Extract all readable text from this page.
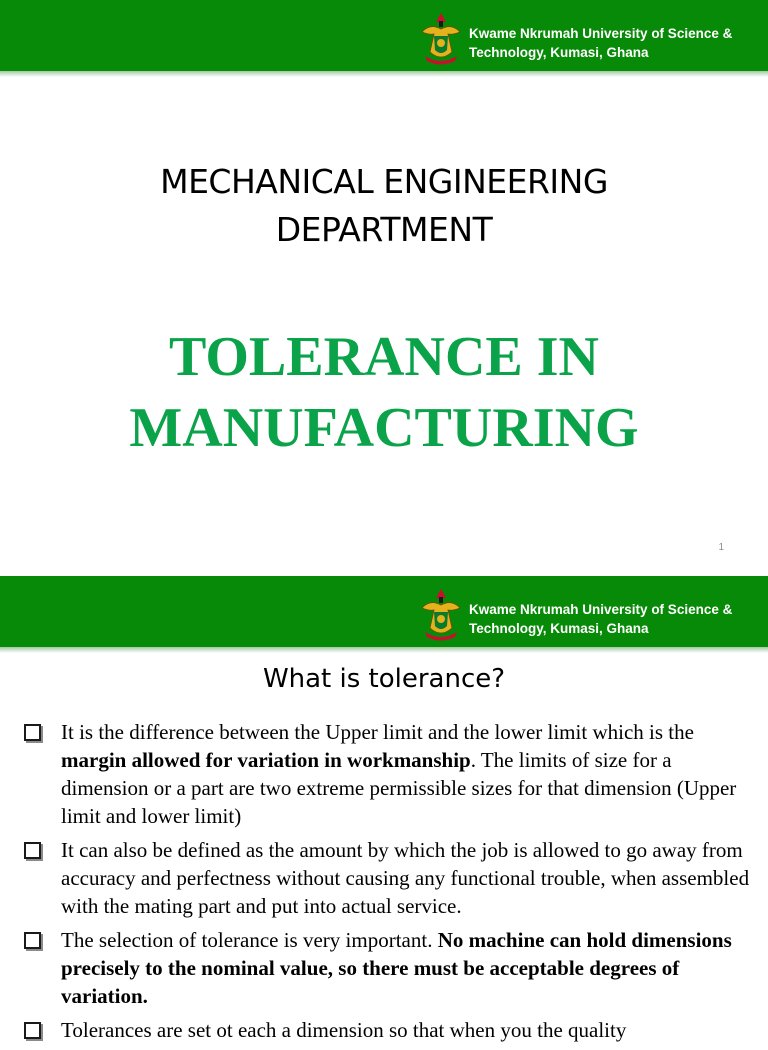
Kwame Nkrumah University of Science & Technology, Kumasi, Ghana
MECHANICAL ENGINEERING
DEPARTMENT
TOLERANCE IN
MANUFACTURING
1
Kwame Nkrumah University of Science & Technology, Kumasi, Ghana
What is tolerance?
It is the difference between the Upper limit and the lower limit which is the margin allowed for variation in workmanship. The limits of size for a dimension or a part are two extreme permissible sizes for that dimension (Upper limit and lower limit)
It can also be defined as the amount by which the job is allowed to go away from accuracy and perfectness without causing any functional trouble, when assembled with the mating part and put into actual service.
The selection of tolerance is very important. No machine can hold dimensions precisely to the nominal value, so there must be acceptable degrees of variation.
Tolerances are set ot each a dimension so that when you the quality
